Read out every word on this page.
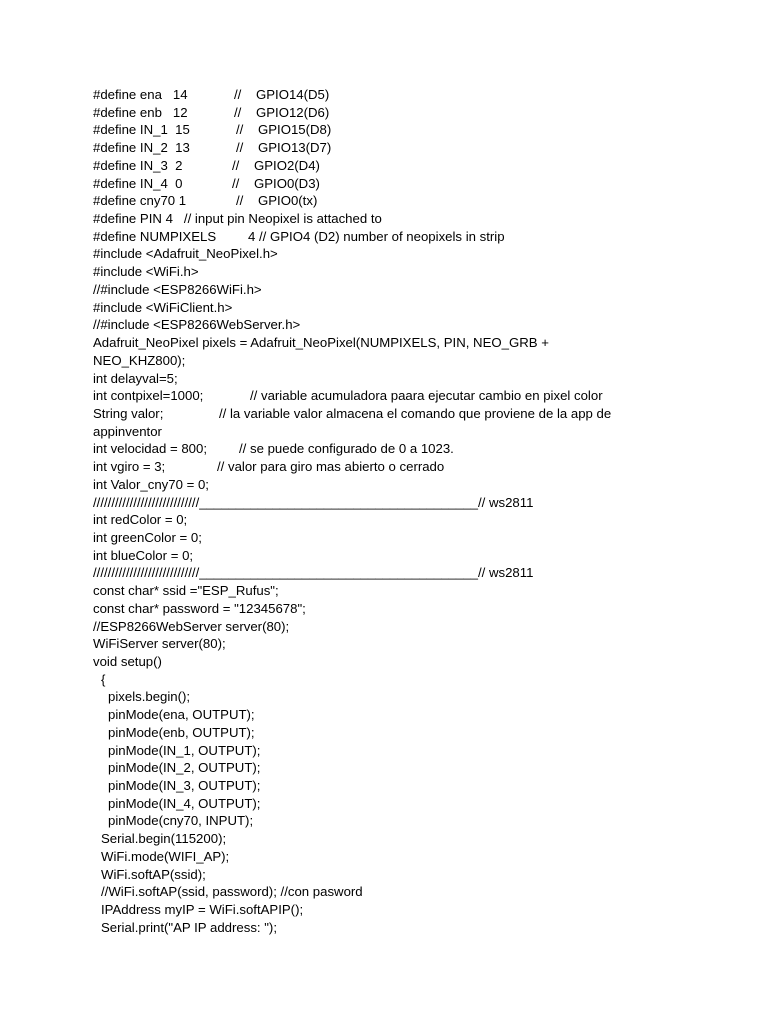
#define ena   14	//    GPIO14(D5)
#define enb   12	//    GPIO12(D6)
#define IN_1  15	//    GPIO15(D8)
#define IN_2  13	//    GPIO13(D7)
#define IN_3  2	//    GPIO2(D4)
#define IN_4  0	//    GPIO0(D3)
#define cny70 1	//    GPIO0(tx)
#define PIN 4   // input pin Neopixel is attached to
#define NUMPIXELS 4 // GPIO4 (D2) number of neopixels in strip
#include <Adafruit_NeoPixel.h>
#include <WiFi.h>
//#include <ESP8266WiFi.h>
#include <WiFiClient.h>
//#include <ESP8266WebServer.h>
Adafruit_NeoPixel pixels = Adafruit_NeoPixel(NUMPIXELS, PIN, NEO_GRB +
NEO_KHZ800);
int delayval=5;
int contpixel=1000;	// variable acumuladora paara ejecutar cambio en pixel color
String valor;	// la variable valor almacena el comando que proviene de la app de
appinventor
int velocidad = 800; // se puede configurado de 0 a 1023.
int vgiro = 3;	// valor para giro mas abierto o cerrado
int Valor_cny70 = 0;
/////////////////////////////______________________________________// ws2811
int redColor = 0;
int greenColor = 0;
int blueColor = 0;
/////////////////////////////______________________________________// ws2811
const char* ssid ="ESP_Rufus";
const char* password = "12345678";
//ESP8266WebServer server(80);
WiFiServer server(80);
void setup()
{
pixels.begin();
pinMode(ena, OUTPUT);
pinMode(enb, OUTPUT);
pinMode(IN_1, OUTPUT);
pinMode(IN_2, OUTPUT);
pinMode(IN_3, OUTPUT);
pinMode(IN_4, OUTPUT);
pinMode(cny70, INPUT);
Serial.begin(115200);
WiFi.mode(WIFI_AP);
WiFi.softAP(ssid);
//WiFi.softAP(ssid, password); //con pasword
IPAddress myIP = WiFi.softAPIP();
Serial.print("AP IP address: ");
